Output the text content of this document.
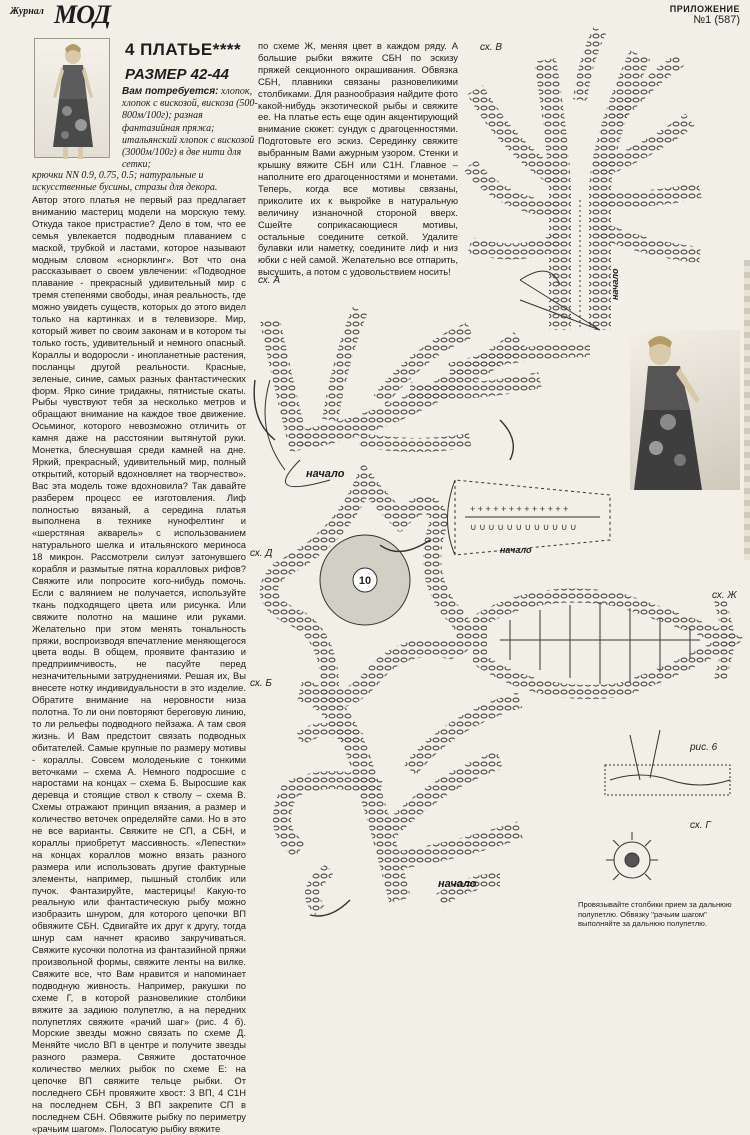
Журнал МОД	ПРИЛОЖЕНИЕ
№1 (587)
4 ПЛАТЬЕ****
РАЗМЕР 42-44
Вам потребуется: хлопок, хлопок с вискозой, вискоза (500-800м/100г); разная фантазийная пряжа; итальянский хлопок с вискозой (3000м/100г) в две нити для сетки;
крючки NN 0.9, 0.75, 0.5; натуральные и искусственные бусины, стразы для декора.
Автор этого платья не первый раз предлагает вниманию мастериц модели на морскую тему. Откуда такое пристрастие? Дело в том, что ее семья увлекается подводным плаванием с маской, трубкой и ластами, которое называют модным словом «снорклинг». Вот что она рассказывает о своем увлечении: «Подводное плавание - прекрасный удивительный мир с тремя степенями свободы, иная реальность, где можно увидеть существ, которых до этого видел только на картинках и в телевизоре. Мир, который живет по своим законам и в котором ты только гость, удивительный и немного опасный. Кораллы и водоросли - инопланетные растения, посланцы другой реальности. Красные, зеленые, синие, самых разных фантастических форм. Ярко синие тридакны, пятнистые скаты. Рыбы чувствуют тебя за несколько метров и обращают внимание на каждое твое движение. Осьминог, которого невозможно отличить от камня даже на расстоянии вытянутой руки. Монетка, блеснувшая среди камней на дне. Яркий, прекрасный, удивительный мир, полный открытий, который вдохновляет на творчество». Вас эта модель тоже вдохновила? Так давайте разберем процесс ее изготовления. Лиф полностью вязаный, а середина платья выполнена в технике нунофелтинг и «шерстяная акварель» с использованием натурального шелка и итальянского мериноса 18 микрон. Рассмотрели силуэт затонувшего корабля и размытые пятна коралловых рифов? Свяжите или попросите кого-нибудь помочь. Если с валянием не получается, используйте ткань подходящего цвета или рисунка. Или свяжите полотно на машине или руками. Желательно при этом менять тональность пряжи, воспроизводя впечатление меняющегося цвета воды. В общем, проявите фантазию и предприимчивость, не пасуйте перед незначительными затруднениями. Решая их, Вы внесете нотку индивидуальности в это изделие. Обратите внимание на неровности низа полотна. То ли они повторяют береговую линию, то ли рельефы подводного пейзажа. А там своя жизнь. И Вам предстоит связать подводных обитателей. Самые крупные по размеру мотивы - кораллы. Совсем молоденькие с тонкими веточками – схема А. Немного подросшие с наростами на концах – схема Б. Выросшие как деревца и стоящие ствол к стволу – схема В. Схемы отражают принцип вязания, а размер и количество веточек определяйте сами. Но в это не все варианты. Свяжите не СП, а СБН, и кораллы приобретут массивность. «Лепестки» на концах кораллов можно вязать разного размера или использовать другие фактурные элементы, например, пышный столбик или пучок. Фантазируйте, мастерицы! Какую-то реальную или фантастическую рыбу можно изобразить шнуром, для которого цепочки ВП обвяжите СБН. Сдвигайте их друг к другу, тогда шнур сам начнет красиво закручиваться. Свяжите кусочки полотна из фантазийной пряжи произвольной формы, свяжите ленты на вилке. Свяжите все, что Вам нравится и напоминает подводную живность. Например, ракушки по схеме Г, в которой разновеликие столбики вяжите за задиюю полупетлю, а на передних полупетлях свяжите «рачий шаг» (рис. 4 б). Морские звезды можно связать по схеме Д. Меняйте число ВП в центре и получите звезды разного размера. Свяжите достаточное количество мелких рыбок по схеме Е: на цепочке ВП свяжите тельце рыбки. От последнего СБН провяжите хвост: 3 ВП, 4 С1Н на последнем СБН, 3 ВП закрепите СП в последнем СБН. Обвяжите рыбку по периметру «рачьим шагом». Полосатую рыбку вяжите
по схеме Ж, меняя цвет в каждом ряду. А большие рыбки вяжите СБН по эскизу пряжей секционного окрашивания. Обвязка СБН, плавники связаны разновеликими столбиками. Для разнообразия найдите фото какой-нибудь экзотической рыбы и свяжите ее. На платье есть еще один акцентирующий внимание сюжет: сундук с драгоценностями. Подготовьте его эскиз. Серединку свяжите выбранным Вами ажурным узором. Стенки и крышку вяжите СБН или С1Н. Главное – наполните его драгоценностями и монетами. Теперь, когда все мотивы связаны, приколите их к выкройке в натуральную величину изнаночной стороной вверх. Сшейте соприкасающиеся мотивы, остальные соедините сеткой. Удалите булавки или наметку, соедините лиф и низ юбки с ней самой. Желательно все отпарить, высушить, а потом с удовольствием носить!
+ + + + + + + + + + + + +
∪ ∪ ∪ ∪ ∪ ∪ ∪ ∪ ∪ ∪ ∪ ∪
10
сх. В
сх. А
сх. Д
сх. Ж
сх. Б
рис. 6
сх. Г
начало
начало
начало
начало
Провязывайте столбики прием за дальнюю полупетлю. Обвязку "рачьим шагом" выполняйте за дальнюю полупетлю.
